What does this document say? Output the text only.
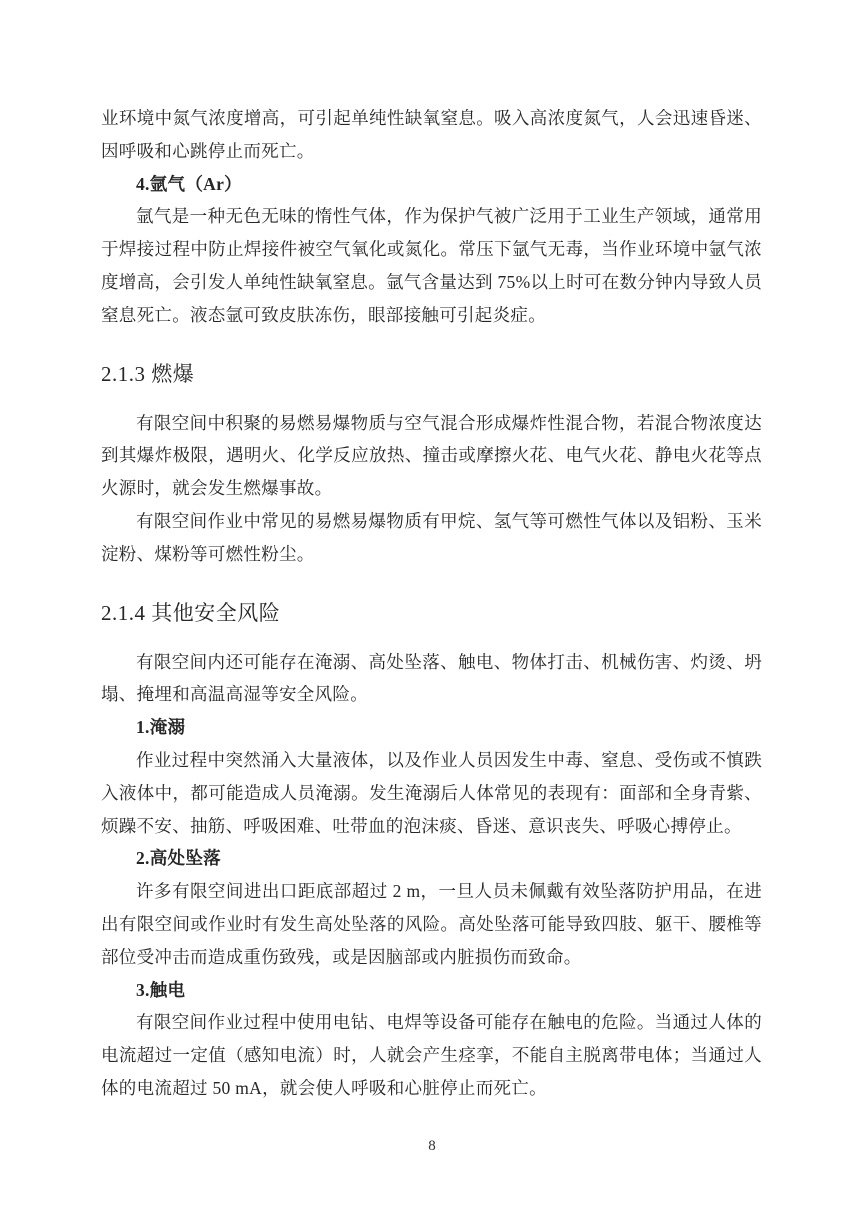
业环境中氮气浓度增高，可引起单纯性缺氧窒息。吸入高浓度氮气，人会迅速昏迷、因呼吸和心跳停止而死亡。

4.氩气（Ar）

氩气是一种无色无味的惰性气体，作为保护气被广泛用于工业生产领域，通常用于焊接过程中防止焊接件被空气氧化或氮化。常压下氩气无毒，当作业环境中氩气浓度增高，会引发人单纯性缺氧窒息。氩气含量达到 75%以上时可在数分钟内导致人员窒息死亡。液态氩可致皮肤冻伤，眼部接触可引起炎症。

2.1.3 燃爆

有限空间中积聚的易燃易爆物质与空气混合形成爆炸性混合物，若混合物浓度达到其爆炸极限，遇明火、化学反应放热、撞击或摩擦火花、电气火花、静电火花等点火源时，就会发生燃爆事故。

有限空间作业中常见的易燃易爆物质有甲烷、氢气等可燃性气体以及铝粉、玉米淀粉、煤粉等可燃性粉尘。

2.1.4 其他安全风险

有限空间内还可能存在淹溺、高处坠落、触电、物体打击、机械伤害、灼烫、坍塌、掩埋和高温高湿等安全风险。

1.淹溺

作业过程中突然涌入大量液体，以及作业人员因发生中毒、窒息、受伤或不慎跌入液体中，都可能造成人员淹溺。发生淹溺后人体常见的表现有：面部和全身青紫、烦躁不安、抽筋、呼吸困难、吐带血的泡沫痰、昏迷、意识丧失、呼吸心搏停止。

2.高处坠落

许多有限空间进出口距底部超过 2 m，一旦人员未佩戴有效坠落防护用品，在进出有限空间或作业时有发生高处坠落的风险。高处坠落可能导致四肢、躯干、腰椎等部位受冲击而造成重伤致残，或是因脑部或内脏损伤而致命。

3.触电

有限空间作业过程中使用电钻、电焊等设备可能存在触电的危险。当通过人体的电流超过一定值（感知电流）时，人就会产生痉挛，不能自主脱离带电体；当通过人体的电流超过 50 mA，就会使人呼吸和心脏停止而死亡。

8
